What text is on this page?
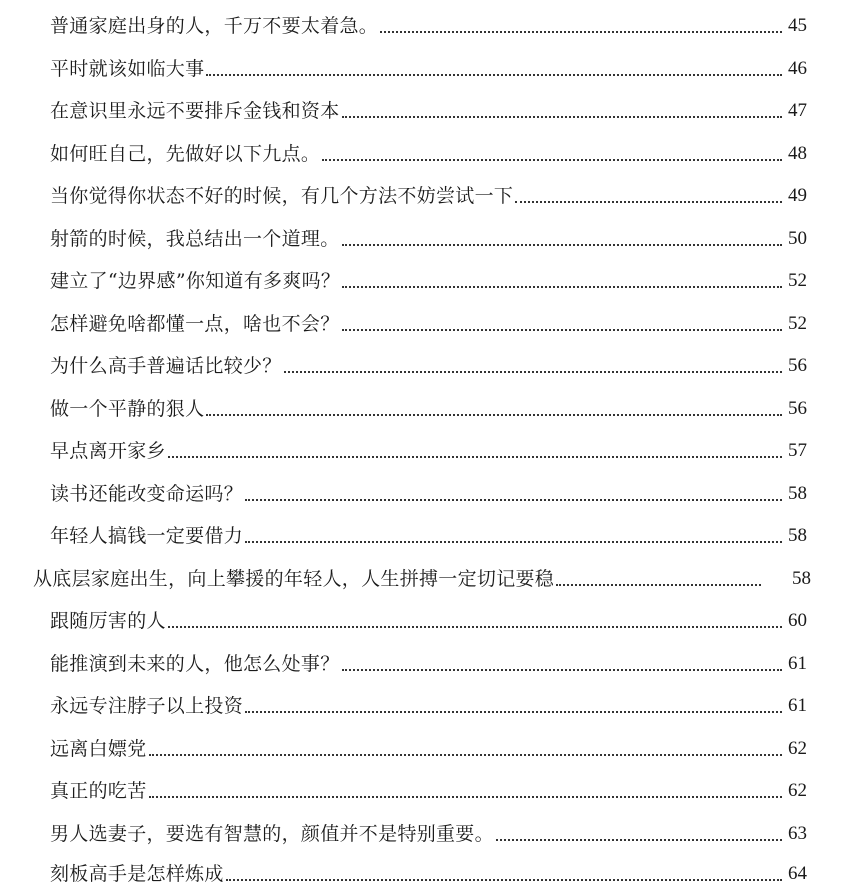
普通家庭出身的人，千万不要太着急。	45
平时就该如临大事	46
在意识里永远不要排斥金钱和资本	47
如何旺自己，先做好以下九点。	48
当你觉得你状态不好的时候，有几个方法不妨尝试一下	49
射箭的时候，我总结出一个道理。	50
建立了“边界感”你知道有多爽吗？	52
怎样避免啥都懂一点，啥也不会？	52
为什么高手普遍话比较少？	56
做一个平静的狠人	56
早点离开家乡	57
读书还能改变命运吗？	58
年轻人搞钱一定要借力	58
从底层家庭出生，向上攀援的年轻人，人生拼搏一定切记要稳	58
跟随厉害的人	60
能推演到未来的人，他怎么处事？	61
永远专注脖子以上投资	61
远离白嫖党	62
真正的吃苦	62
男人选妻子，要选有智慧的，颜值并不是特别重要。	63
刻板高手是怎样炼成	64
